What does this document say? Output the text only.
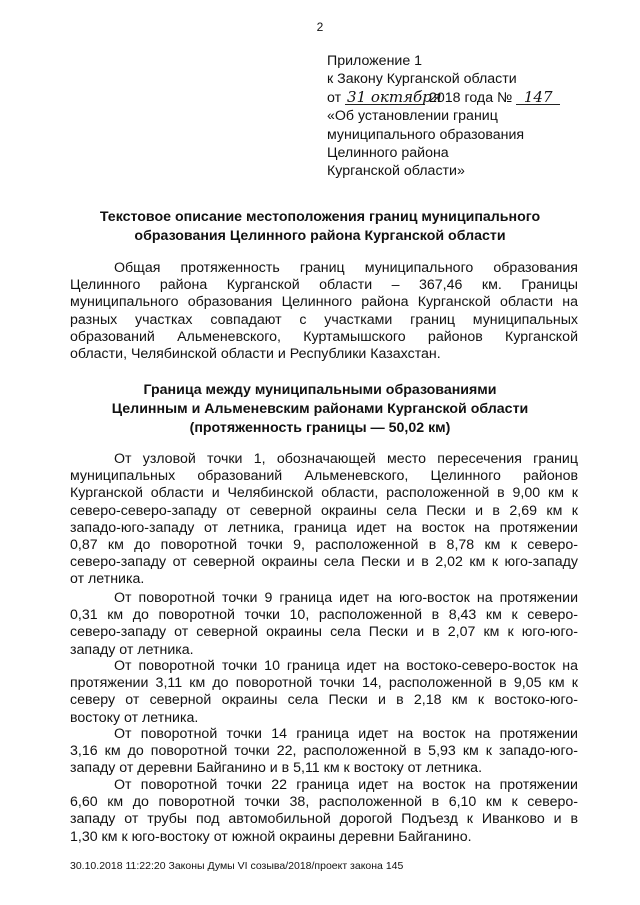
2
Приложение 1
к Закону Курганской области
от 31 октября 2018 года № 147
«Об установлении границ
муниципального образования
Целинного района
Курганской области»
Текстовое описание местоположения границ муниципального
образования Целинного района Курганской области
Общая протяженность границ муниципального образования
Целинного района Курганской области – 367,46 км. Границы
муниципального образования Целинного района Курганской области на
разных участках совпадают с участками границ муниципальных
образований Альменевского, Куртамышского районов Курганской
области, Челябинской области и Республики Казахстан.
Граница между муниципальными образованиями
Целинным и Альменевским районами Курганской области
(протяженность границы — 50,02 км)
От узловой точки 1, обозначающей место пересечения границ
муниципальных образований Альменевского, Целинного районов
Курганской области и Челябинской области, расположенной в 9,00 км к
северо-северо-западу от северной окраины села Пески и в 2,69 км к
западо-юго-западу от летника, граница идет на восток на протяжении
0,87 км до поворотной точки 9, расположенной в 8,78 км к северо-
северо-западу от северной окраины села Пески и в 2,02 км к юго-западу
от летника.
От поворотной точки 9 граница идет на юго-восток на протяжении
0,31 км до поворотной точки 10, расположенной в 8,43 км к северо-
северо-западу от северной окраины села Пески и в 2,07 км к юго-юго-
западу от летника.
От поворотной точки 10 граница идет на востоко-северо-восток на
протяжении 3,11 км до поворотной точки 14, расположенной в 9,05 км к
северу от северной окраины села Пески и в 2,18 км к востоко-юго-
востоку от летника.
От поворотной точки 14 граница идет на восток на протяжении
3,16 км до поворотной точки 22, расположенной в 5,93 км к западо-юго-
западу от деревни Байганино и в 5,11 км к востоку от летника.
От поворотной точки 22 граница идет на восток на протяжении
6,60 км до поворотной точки 38, расположенной в 6,10 км к северо-
западу от трубы под автомобильной дорогой Подъезд к Иванково и в
1,30 км к юго-востоку от южной окраины деревни Байганино.
30.10.2018 11:22:20 Законы Думы VI созыва/2018/проект закона 145
